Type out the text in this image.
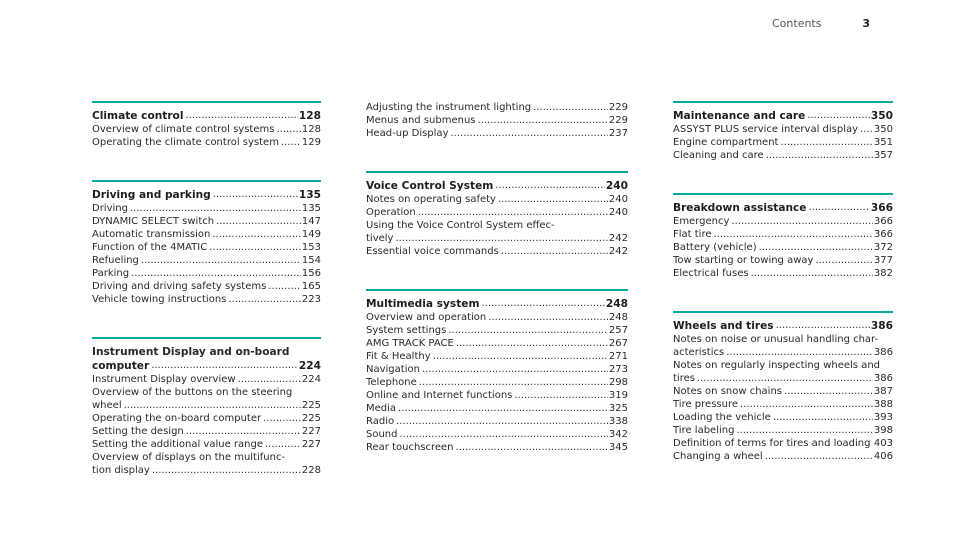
Contents	3
Climate control .....	128
Overview of climate control systems .....	128
Operating the climate control system ..... 129
Driving and parking .....	135
Driving .....	135
DYNAMIC SELECT switch .....	147
Automatic transmission .....	149
Function of the 4MATIC .....	153
Refueling .....	154
Parking .....	156
Driving and driving safety systems .....	165
Vehicle towing instructions .....	223
Instrument Display and on-board
computer .....	224
Instrument Display overview .....	224
Overview of the buttons on the steering
wheel .....	225
Operating the on-board computer .....	225
Setting the design .....	227
Setting the additional value range .....	227
Overview of displays on the multifunc-
tion display .....	228
Adjusting the instrument lighting .....	229
Menus and submenus .....	229
Head-up Display .....	237
Voice Control System .....	240
Notes on operating safety .....	240
Operation .....	240
Using the Voice Control System effec-
tively .....	242
Essential voice commands .....	242
Multimedia system .....	248
Overview and operation .....	248
System settings .....	257
AMG TRACK PACE .....	267
Fit & Healthy .....	271
Navigation .....	273
Telephone .....	298
Online and Internet functions .....	319
Media .....	325
Radio .....	338
Sound .....	342
Rear touchscreen .....	345
Maintenance and care .....	350
ASSYST PLUS service interval display ..... 350
Engine compartment .....	351
Cleaning and care .....	357
Breakdown assistance .....	366
Emergency .....	366
Flat tire .....	366
Battery (vehicle) .....	372
Tow starting or towing away .....	377
Electrical fuses .....	382
Wheels and tires .....	386
Notes on noise or unusual handling char-
acteristics .....	386
Notes on regularly inspecting wheels and
tires .....	386
Notes on snow chains .....	387
Tire pressure .....	388
Loading the vehicle .....	393
Tire labeling .....	398
Definition of terms for tires and loading ..... 403
Changing a wheel .....	406
